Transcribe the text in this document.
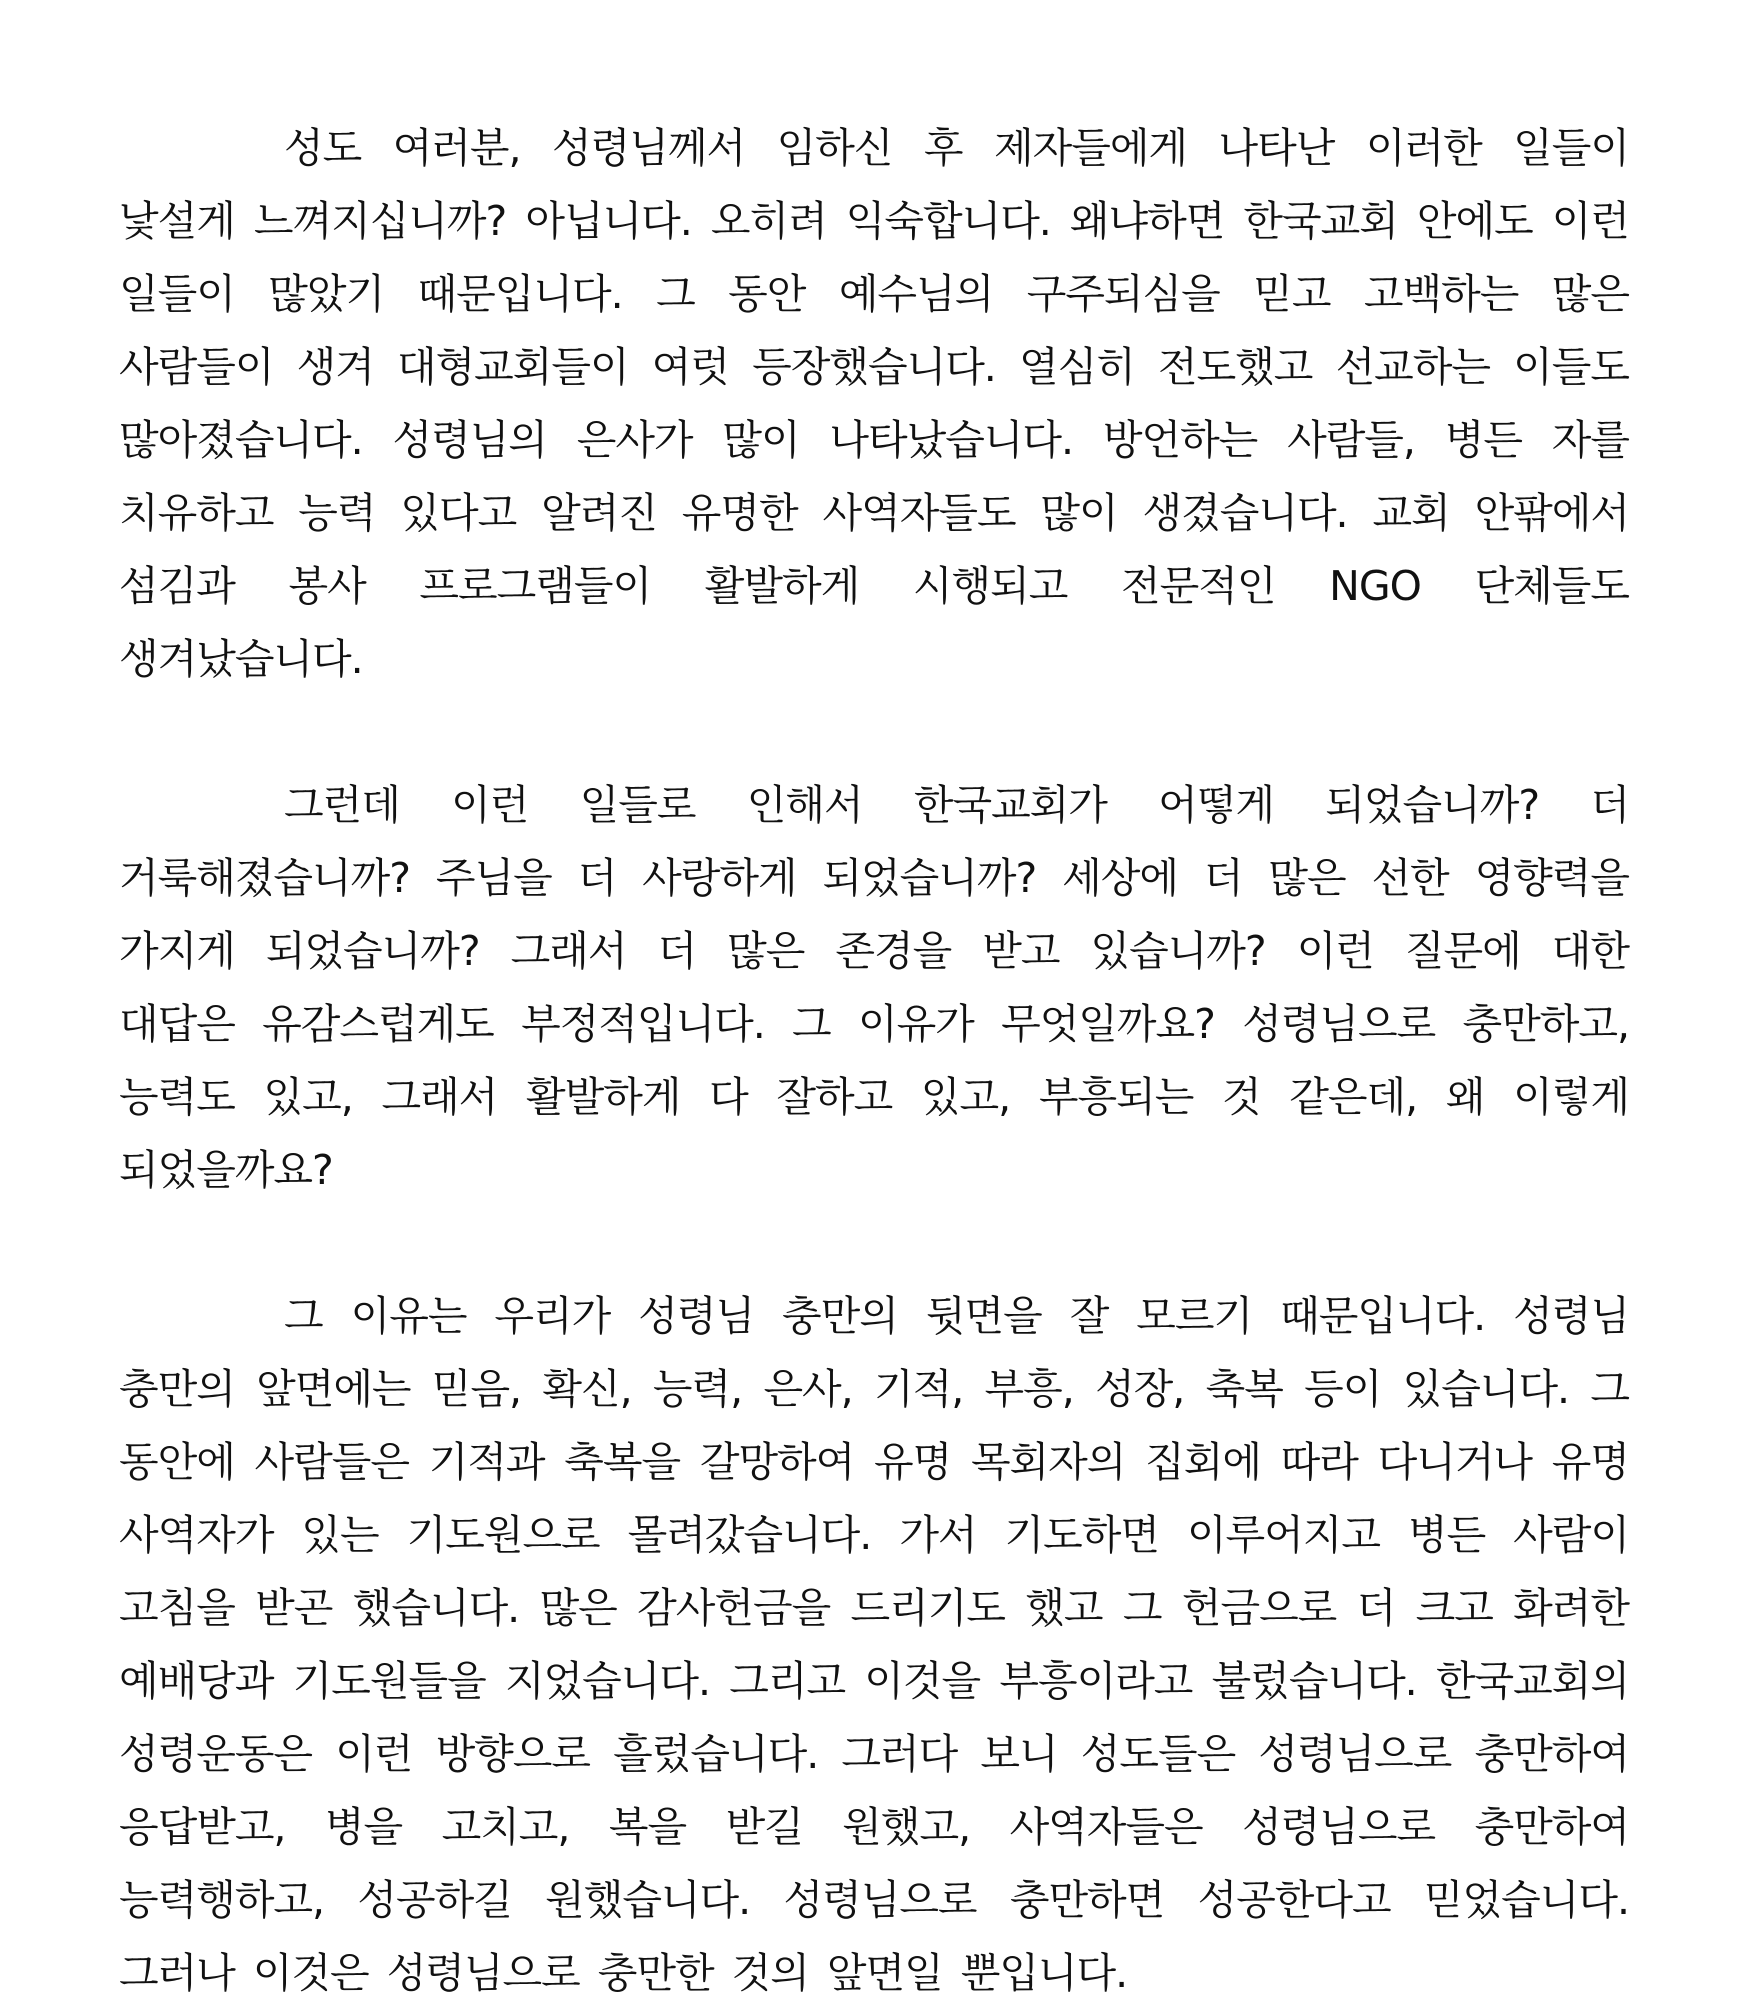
성도 여러분, 성령님께서 임하신 후 제자들에게 나타난 이러한 일들이 낯설게 느껴지십니까? 아닙니다. 오히려 익숙합니다. 왜냐하면 한국교회 안에도 이런 일들이 많았기 때문입니다. 그 동안 예수님의 구주되심을 믿고 고백하는 많은 사람들이 생겨 대형교회들이 여럿 등장했습니다. 열심히 전도했고 선교하는 이들도 많아졌습니다. 성령님의 은사가 많이 나타났습니다. 방언하는 사람들, 병든 자를 치유하고 능력 있다고 알려진 유명한 사역자들도 많이 생겼습니다. 교회 안팎에서 섬김과 봉사 프로그램들이 활발하게 시행되고 전문적인 NGO 단체들도 생겨났습니다.

그런데 이런 일들로 인해서 한국교회가 어떻게 되었습니까? 더 거룩해졌습니까? 주님을 더 사랑하게 되었습니까? 세상에 더 많은 선한 영향력을 가지게 되었습니까? 그래서 더 많은 존경을 받고 있습니까? 이런 질문에 대한 대답은 유감스럽게도 부정적입니다. 그 이유가 무엇일까요? 성령님으로 충만하고, 능력도 있고, 그래서 활발하게 다 잘하고 있고, 부흥되는 것 같은데, 왜 이렇게 되었을까요?

그 이유는 우리가 성령님 충만의 뒷면을 잘 모르기 때문입니다. 성령님 충만의 앞면에는 믿음, 확신, 능력, 은사, 기적, 부흥, 성장, 축복 등이 있습니다. 그 동안에 사람들은 기적과 축복을 갈망하여 유명 목회자의 집회에 따라 다니거나 유명 사역자가 있는 기도원으로 몰려갔습니다. 가서 기도하면 이루어지고 병든 사람이 고침을 받곤 했습니다. 많은 감사헌금을 드리기도 했고 그 헌금으로 더 크고 화려한 예배당과 기도원들을 지었습니다. 그리고 이것을 부흥이라고 불렀습니다. 한국교회의 성령운동은 이런 방향으로 흘렀습니다. 그러다 보니 성도들은 성령님으로 충만하여 응답받고, 병을 고치고, 복을 받길 원했고, 사역자들은 성령님으로 충만하여 능력행하고, 성공하길 원했습니다. 성령님으로 충만하면 성공한다고 믿었습니다. 그러나 이것은 성령님으로 충만한 것의 앞면일 뿐입니다.
